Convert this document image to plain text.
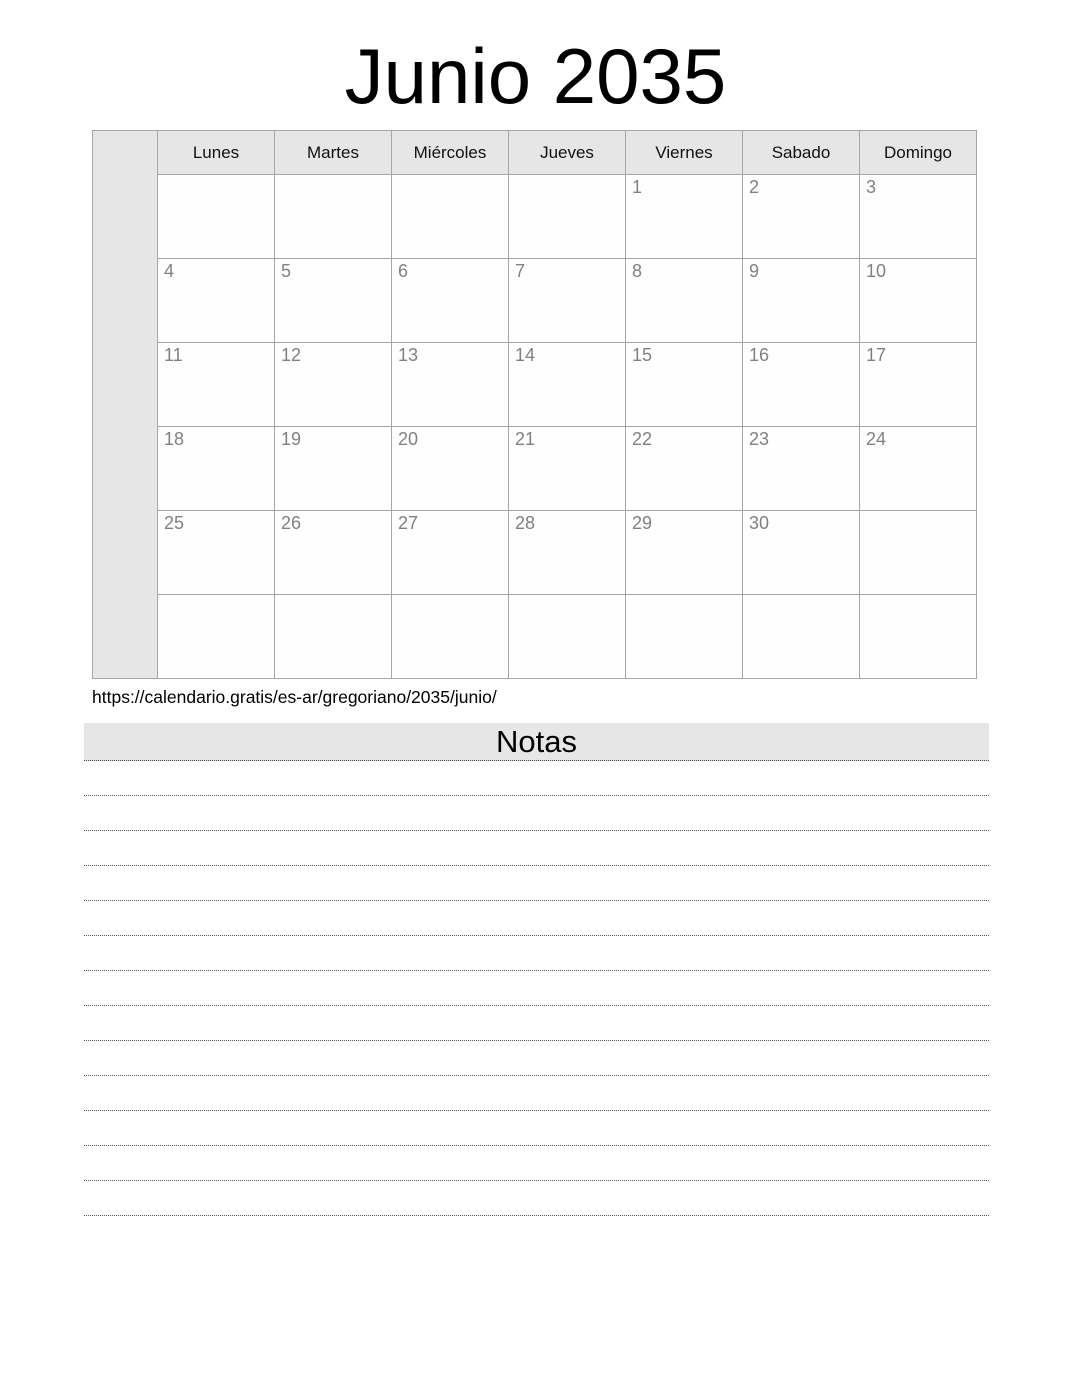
Junio 2035
	Lunes	Martes	Miércoles	Jueves	Viernes	Sabado	Domingo

					1	2	3

	4	5	6	7	8	9	10

	11	12	13	14	15	16	17

	18	19	20	21	22	23	24

	25	26	27	28	29	30	

https://calendario.gratis/es-ar/gregoriano/2035/junio/
Notas
